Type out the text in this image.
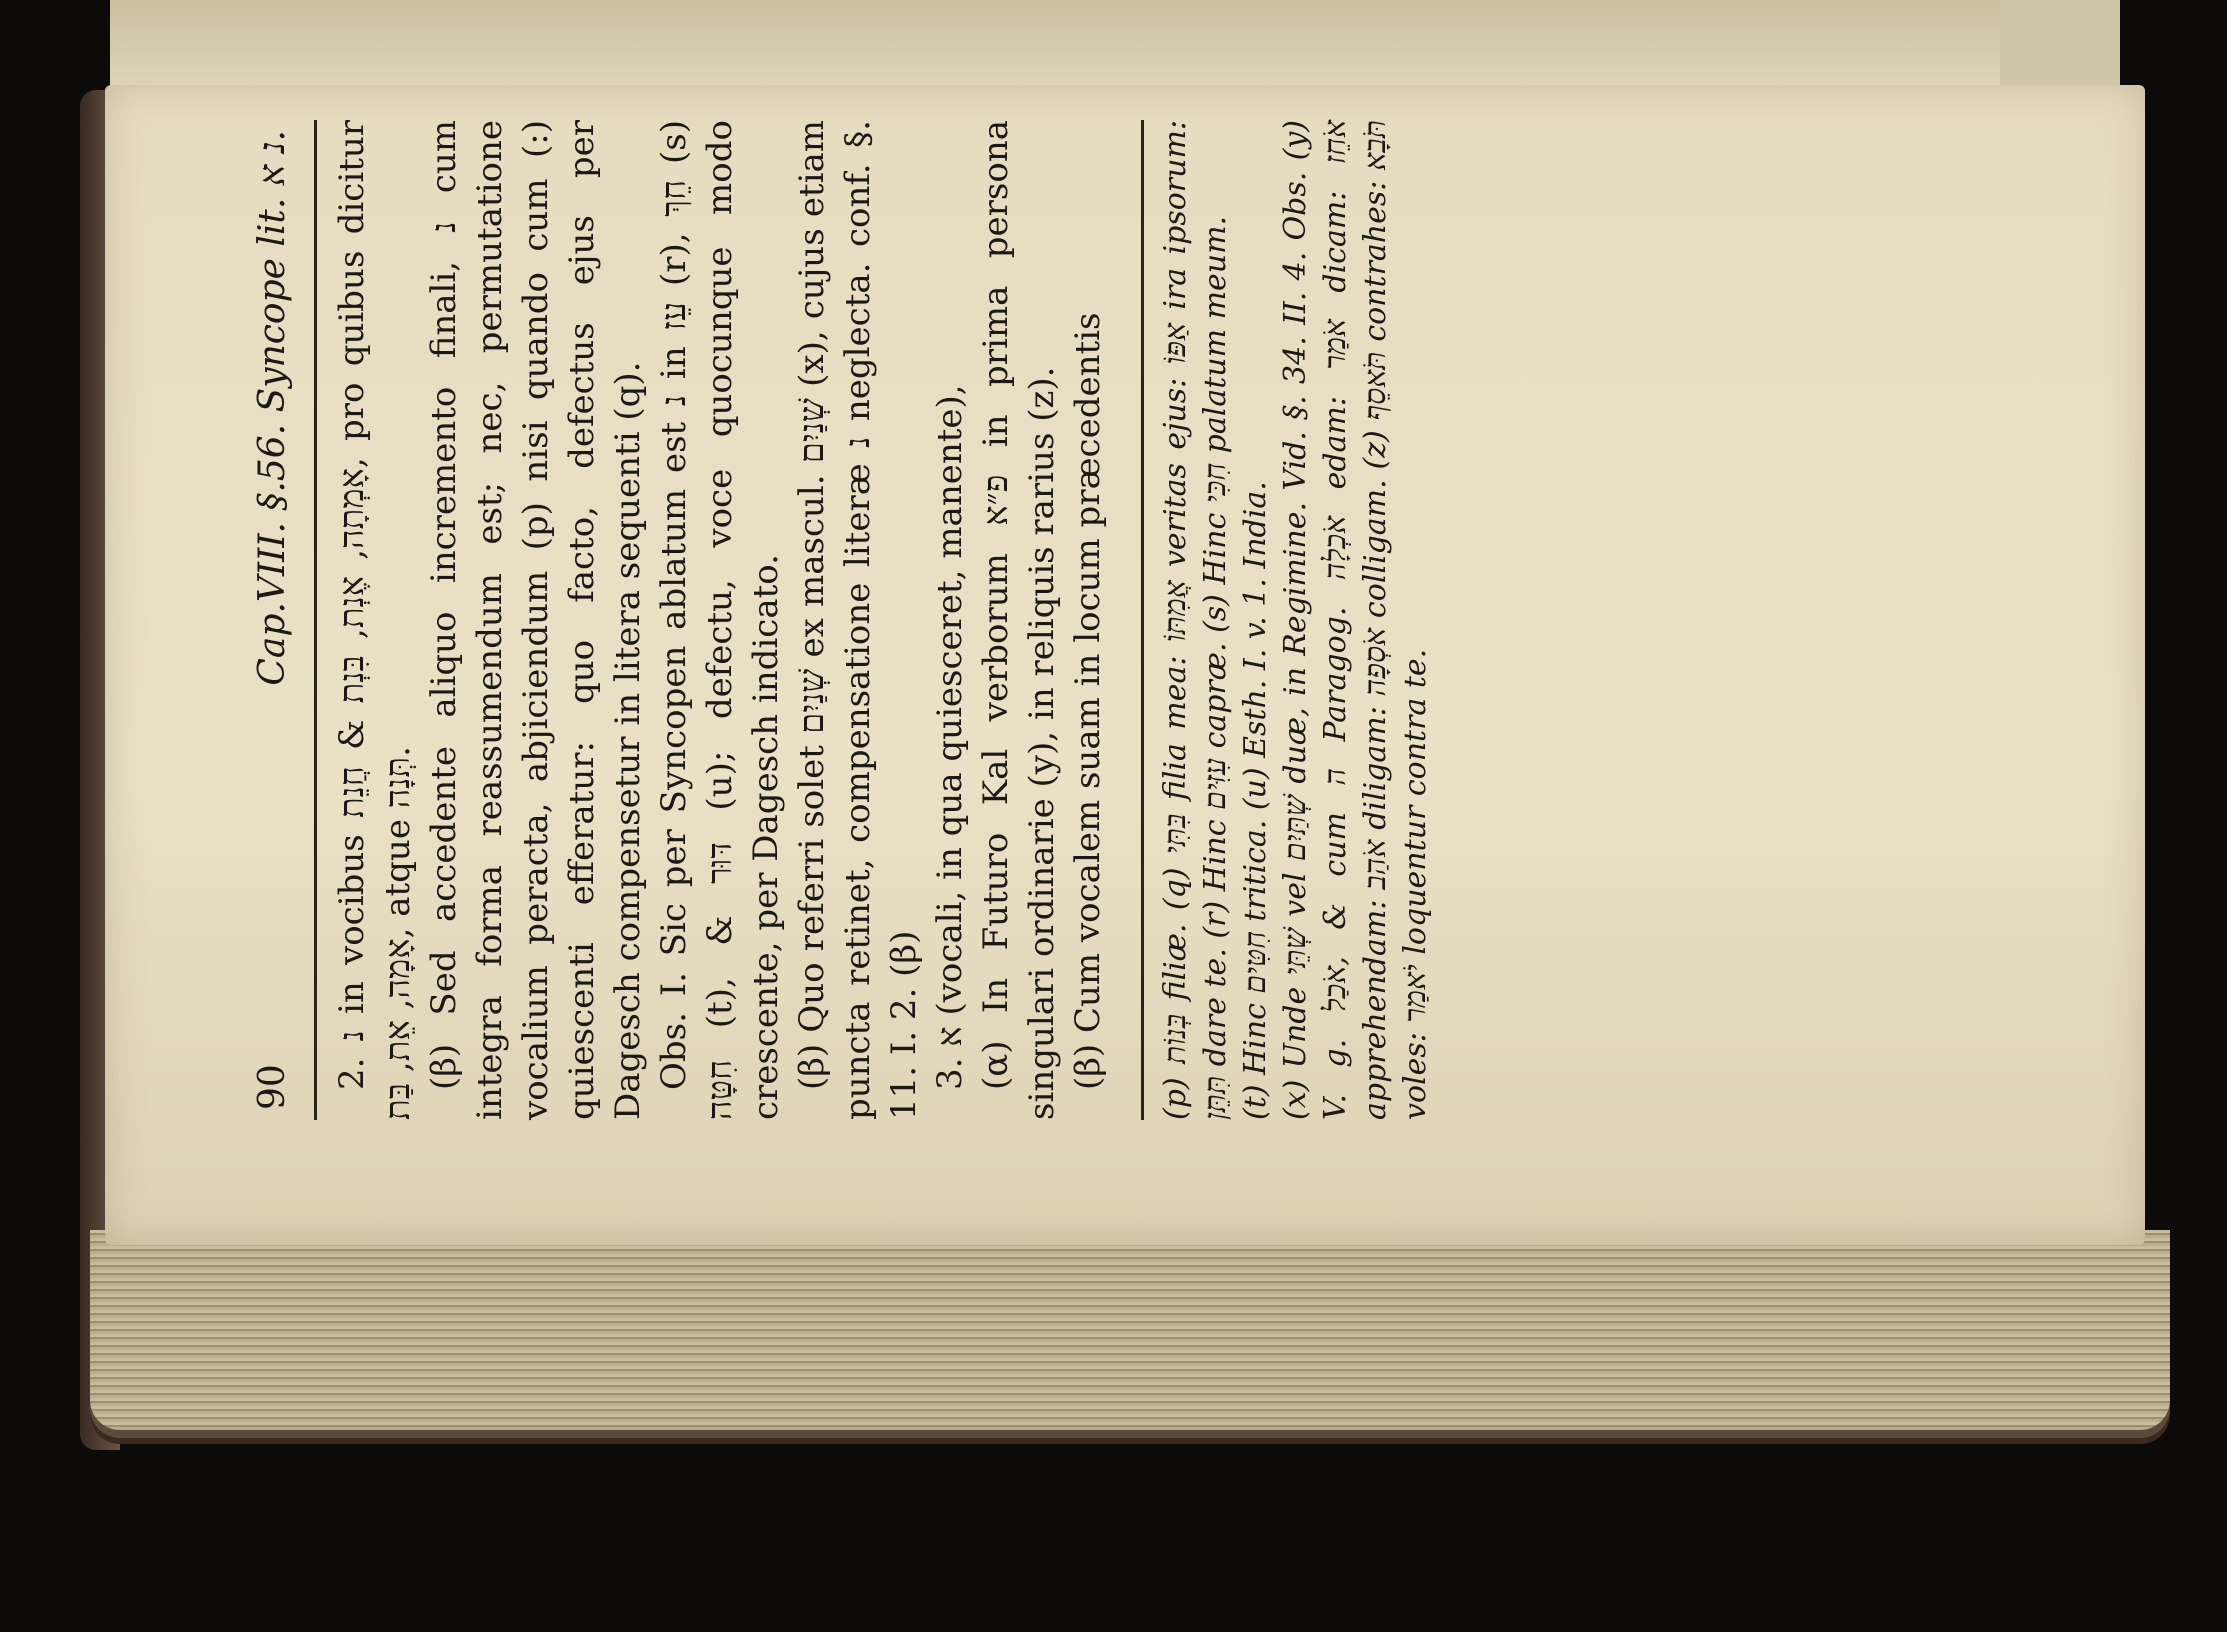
90
Cap.VIII. §.56. Syncope lit. נ א.

2. נ in vocibus אָמְתָה, אֶנְת, בִּנְת & חֲנֵת, pro quibus dicitur אָמָה, אֵת, בַּת, atque תְּנָה. (β) Sed accedente aliquo incremento finali, נ cum integra forma reassumendum est; nec, permutatione vocalium peracta, abjiciendum (p) nisi quando cum (:) quiescenti efferatur: quo facto, defectus ejus per Dagesch compensetur in litera sequenti (q). Obs. I. Sic per Syncopen ablatum est נ in עֵז (r), חֵךְ (s) חִטָּה (t), & דּוּר (u); defectu, voce quocunque modo crescente, per Dagesch indicato. (β) Quo referri solet שְׁנַיִם ex mascul. שְׁנַיִם (x), cujus etiam puncta retinet, compensatione literæ נ neglecta. conf. §. 11. I. 2. (β) 3. א (vocali, in qua quiesceret, manente), (α) In Futuro Kal verborum פ״א in prima persona singulari ordinarie (y), in reliquis rarius (z). (β) Cum vocalem suam in locum præcedentis

(p) בְּנוֹת filiæ. (q) בִּתִּי filia mea: אֲמִתּוֹ veritas ejus: אַפּוֹ ira ipsorum: תִּתֵּן dare te. (r) Hinc עִזִּים capræ. (s) Hinc חִכִּי palatum meum.

(t) Hinc חִטִּים tritica. (u) Esth. I. v. 1. India.

(x) Unde שְׁתֵּי vel שְׁתַּיִם duæ, in Regimine. Vid. §. 34. II. 4. Obs. (y) V. g. אֹכַל, & cum ה Paragog. אֹכְלָה edam: אֹמַר dicam: אֹחֵז apprehendam: אֹהַב diligam: אֹסְפָה colligam. (z) תֹּאסֵף contrahes: תֹּבָא voles: יֹאמַר loquentur contra te.
